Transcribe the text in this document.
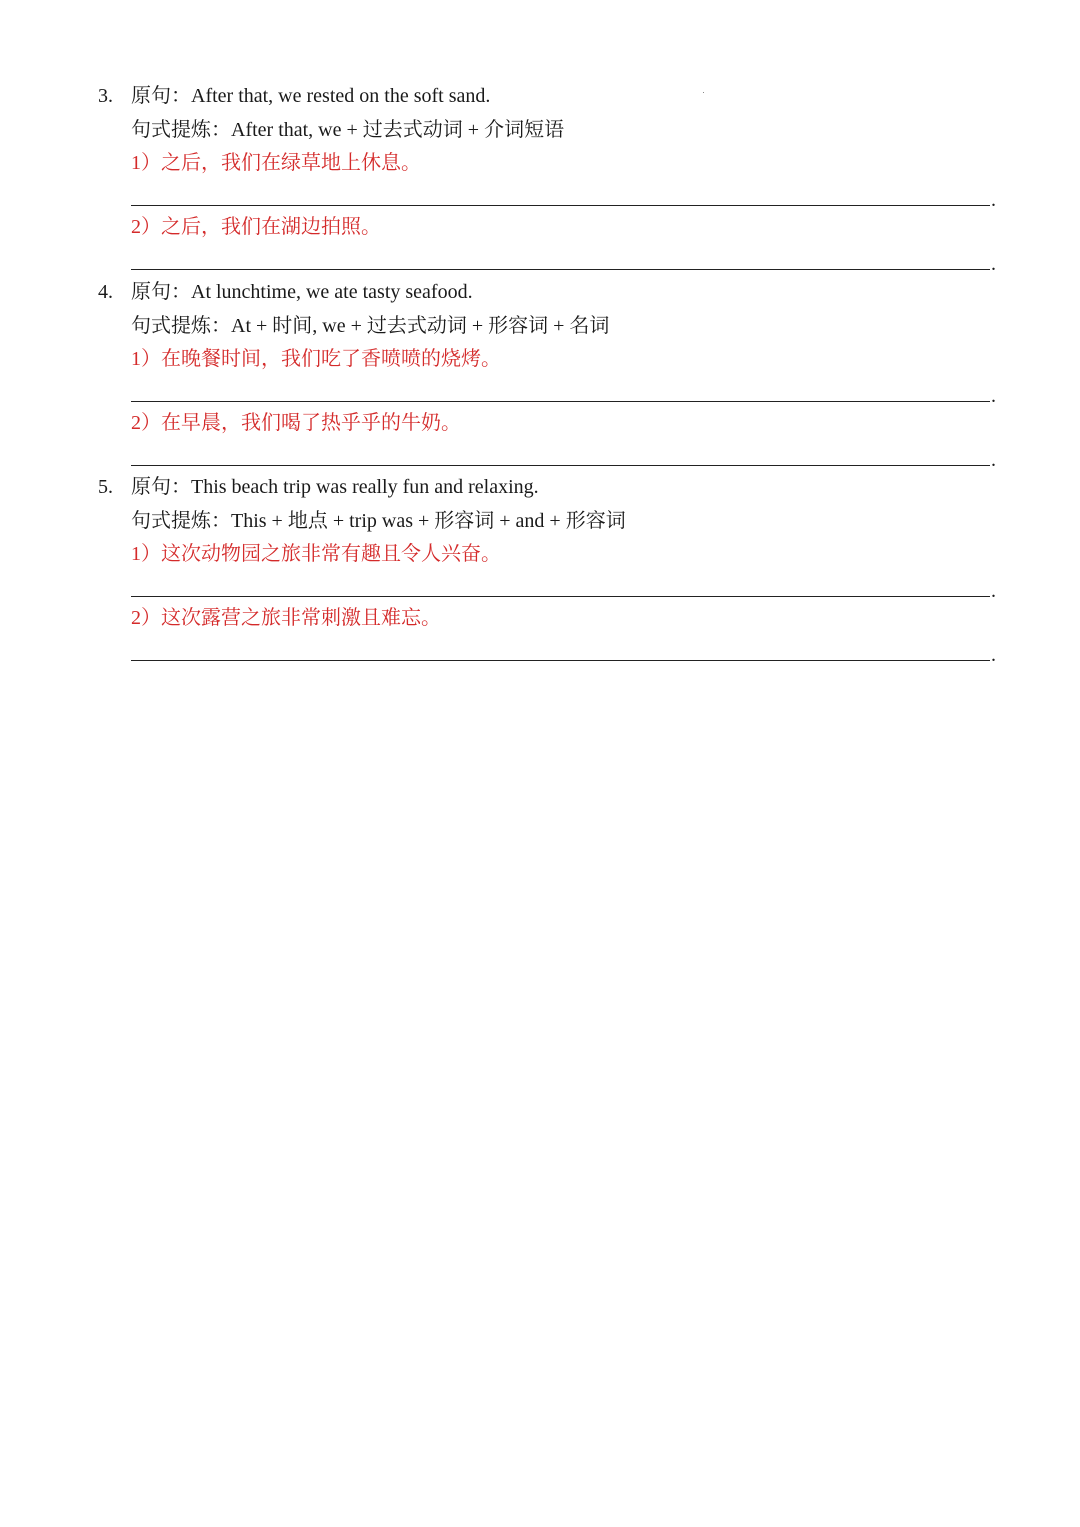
3. 原句：After that, we rested on the soft sand.
句式提炼：After that, we + 过去式动词 + 介词短语
1）之后，我们在绿草地上休息。
.
2）之后，我们在湖边拍照。
.
4. 原句：At lunchtime, we ate tasty seafood.
句式提炼：At + 时间, we + 过去式动词 + 形容词 + 名词
1）在晚餐时间，我们吃了香喷喷的烧烤。
.
2）在早晨，我们喝了热乎乎的牛奶。
.
5. 原句：This beach trip was really fun and relaxing.
句式提炼：This + 地点 + trip was + 形容词 + and + 形容词
1）这次动物园之旅非常有趣且令人兴奋。
.
2）这次露营之旅非常刺激且难忘。
.
